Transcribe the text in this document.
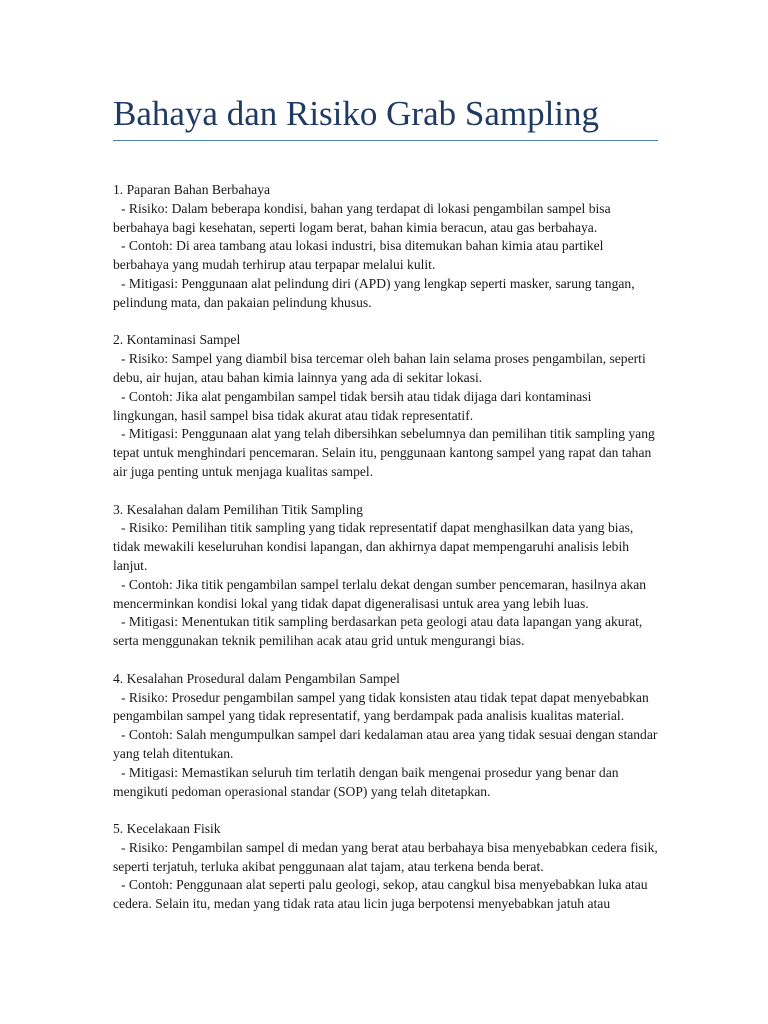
Bahaya dan Risiko Grab Sampling

1. Paparan Bahan Berbahaya

- Risiko: Dalam beberapa kondisi, bahan yang terdapat di lokasi pengambilan sampel bisa berbahaya bagi kesehatan, seperti logam berat, bahan kimia beracun, atau gas berbahaya.

- Contoh: Di area tambang atau lokasi industri, bisa ditemukan bahan kimia atau partikel berbahaya yang mudah terhirup atau terpapar melalui kulit.

- Mitigasi: Penggunaan alat pelindung diri (APD) yang lengkap seperti masker, sarung tangan, pelindung mata, dan pakaian pelindung khusus.

2. Kontaminasi Sampel

- Risiko: Sampel yang diambil bisa tercemar oleh bahan lain selama proses pengambilan, seperti debu, air hujan, atau bahan kimia lainnya yang ada di sekitar lokasi.

- Contoh: Jika alat pengambilan sampel tidak bersih atau tidak dijaga dari kontaminasi lingkungan, hasil sampel bisa tidak akurat atau tidak representatif.

- Mitigasi: Penggunaan alat yang telah dibersihkan sebelumnya dan pemilihan titik sampling yang tepat untuk menghindari pencemaran. Selain itu, penggunaan kantong sampel yang rapat dan tahan air juga penting untuk menjaga kualitas sampel.

3. Kesalahan dalam Pemilihan Titik Sampling

- Risiko: Pemilihan titik sampling yang tidak representatif dapat menghasilkan data yang bias, tidak mewakili keseluruhan kondisi lapangan, dan akhirnya dapat mempengaruhi analisis lebih lanjut.

- Contoh: Jika titik pengambilan sampel terlalu dekat dengan sumber pencemaran, hasilnya akan mencerminkan kondisi lokal yang tidak dapat digeneralisasi untuk area yang lebih luas.

- Mitigasi: Menentukan titik sampling berdasarkan peta geologi atau data lapangan yang akurat, serta menggunakan teknik pemilihan acak atau grid untuk mengurangi bias.

4. Kesalahan Prosedural dalam Pengambilan Sampel

- Risiko: Prosedur pengambilan sampel yang tidak konsisten atau tidak tepat dapat menyebabkan pengambilan sampel yang tidak representatif, yang berdampak pada analisis kualitas material.

- Contoh: Salah mengumpulkan sampel dari kedalaman atau area yang tidak sesuai dengan standar yang telah ditentukan.

- Mitigasi: Memastikan seluruh tim terlatih dengan baik mengenai prosedur yang benar dan mengikuti pedoman operasional standar (SOP) yang telah ditetapkan.

5. Kecelakaan Fisik

- Risiko: Pengambilan sampel di medan yang berat atau berbahaya bisa menyebabkan cedera fisik, seperti terjatuh, terluka akibat penggunaan alat tajam, atau terkena benda berat.

- Contoh: Penggunaan alat seperti palu geologi, sekop, atau cangkul bisa menyebabkan luka atau cedera. Selain itu, medan yang tidak rata atau licin juga berpotensi menyebabkan jatuh atau
